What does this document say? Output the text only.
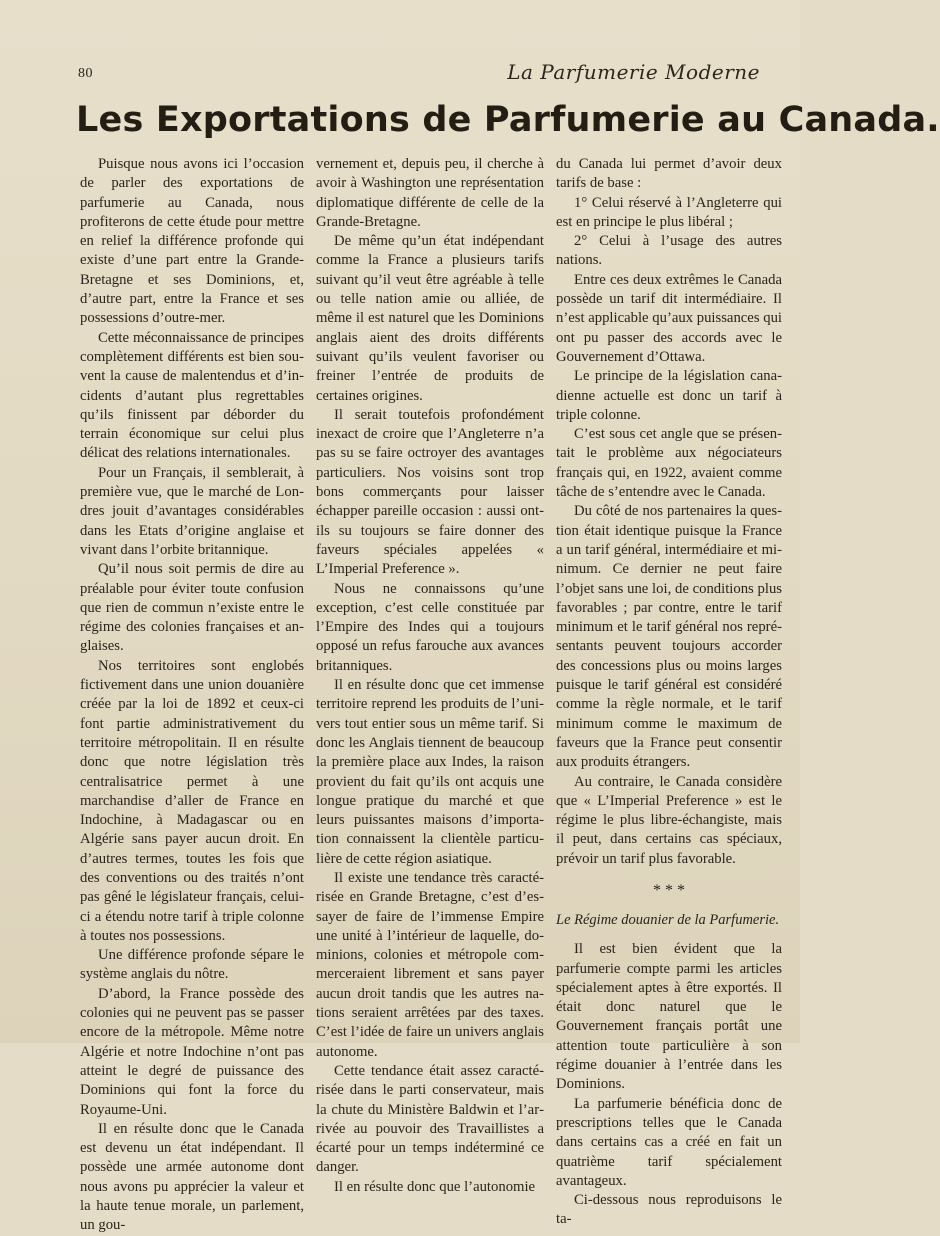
80	La Parfumerie Moderne
Les Exportations de Parfumerie au Canada.

Puisque nous avons ici l’occasion de parler des exportations de parfumerie au Canada, nous profiterons de cette étude pour mettre en relief la différence profonde qui existe d’une part entre la Grande-Bretagne et ses Dominions, et, d’autre part, entre la France et ses possessions d’outre-mer.

Cette méconnaissance de principes complètement différents est bien souvent la cause de malentendus et d’incidents d’autant plus regrettables qu’ils finissent par déborder du terrain économique sur celui plus délicat des relations internationales.

Pour un Français, il semblerait, à première vue, que le marché de Londres jouit d’avantages considérables dans les Etats d’origine anglaise et vivant dans l’orbite britannique.

Qu’il nous soit permis de dire au préalable pour éviter toute confusion que rien de commun n’existe entre le régime des colonies françaises et anglaises.

Nos territoires sont englobés fictivement dans une union douanière créée par la loi de 1892 et ceux-ci font partie administrativement du territoire métropolitain. Il en résulte donc que notre législation très centralisatrice permet à une marchandise d’aller de France en Indochine, à Madagascar ou en Algérie sans payer aucun droit. En d’autres termes, toutes les fois que des conventions ou des traités n’ont pas gêné le législateur français, celui-ci a étendu notre tarif à triple colonne à toutes nos possessions.

Une différence profonde sépare le système anglais du nôtre.

D’abord, la France possède des colonies qui ne peuvent pas se passer encore de la métropole. Même notre Algérie et notre Indochine n’ont pas atteint le degré de puissance des Dominions qui font la force du Royaume-Uni.

Il en résulte donc que le Canada est devenu un état indépendant. Il possède une armée autonome dont nous avons pu apprécier la valeur et la haute tenue morale, un parlement, un gou-

vernement et, depuis peu, il cherche à avoir à Washington une représentation diplomatique différente de celle de la Grande-Bretagne.

De même qu’un état indépendant comme la France a plusieurs tarifs suivant qu’il veut être agréable à telle ou telle nation amie ou alliée, de même il est naturel que les Dominions anglais aient des droits différents suivant qu’ils veulent favoriser ou freiner l’entrée de produits de certaines origines.

Il serait toutefois profondément inexact de croire que l’Angleterre n’a pas su se faire octroyer des avantages particuliers. Nos voisins sont trop bons commerçants pour laisser échapper pareille occasion : aussi ont-ils su toujours se faire donner des faveurs spéciales appelées « L’Imperial Preference ».

Nous ne connaissons qu’une exception, c’est celle constituée par l’Empire des Indes qui a toujours opposé un refus farouche aux avances britanniques.

Il en résulte donc que cet immense territoire reprend les produits de l’univers tout entier sous un même tarif. Si donc les Anglais tiennent de beaucoup la première place aux Indes, la raison provient du fait qu’ils ont acquis une longue pratique du marché et que leurs puissantes maisons d’importation connaissent la clientèle particulière de cette région asiatique.

Il existe une tendance très caractérisée en Grande Bretagne, c’est d’essayer de faire de l’immense Empire une unité à l’intérieur de laquelle, dominions, colonies et métropole commerceraient librement et sans payer aucun droit tandis que les autres nations seraient arrêtées par des taxes. C’est l’idée de faire un univers anglais autonome.

Cette tendance était assez caractérisée dans le parti conservateur, mais la chute du Ministère Baldwin et l’arrivée au pouvoir des Travaillistes a écarté pour un temps indéterminé ce danger.

Il en résulte donc que l’autonomie

du Canada lui permet d’avoir deux tarifs de base :

1° Celui réservé à l’Angleterre qui est en principe le plus libéral ;

2° Celui à l’usage des autres nations.

Entre ces deux extrêmes le Canada possède un tarif dit intermédiaire. Il n’est applicable qu’aux puissances qui ont pu passer des accords avec le Gouvernement d’Ottawa.

Le principe de la législation canadienne actuelle est donc un tarif à triple colonne.

C’est sous cet angle que se présentait le problème aux négociateurs français qui, en 1922, avaient comme tâche de s’entendre avec le Canada.

Du côté de nos partenaires la question était identique puisque la France a un tarif général, intermédiaire et minimum. Ce dernier ne peut faire l’objet sans une loi, de conditions plus favorables ; par contre, entre le tarif minimum et le tarif général nos représentants peuvent toujours accorder des concessions plus ou moins larges puisque le tarif général est considéré comme la règle normale, et le tarif minimum comme le maximum de faveurs que la France peut consentir aux produits étrangers.

Au contraire, le Canada considère que « L’Imperial Preference » est le régime le plus libre-échangiste, mais il peut, dans certains cas spéciaux, prévoir un tarif plus favorable.

* * *

Le Régime douanier de la Parfumerie.

Il est bien évident que la parfumerie compte parmi les articles spécialement aptes à être exportés. Il était donc naturel que le Gouvernement français portât une attention toute particulière à son régime douanier à l’entrée dans les Dominions.

La parfumerie bénéficia donc de prescriptions telles que le Canada dans certains cas a créé en fait un quatrième tarif spécialement avantageux.

Ci-dessous nous reproduisons le ta-
